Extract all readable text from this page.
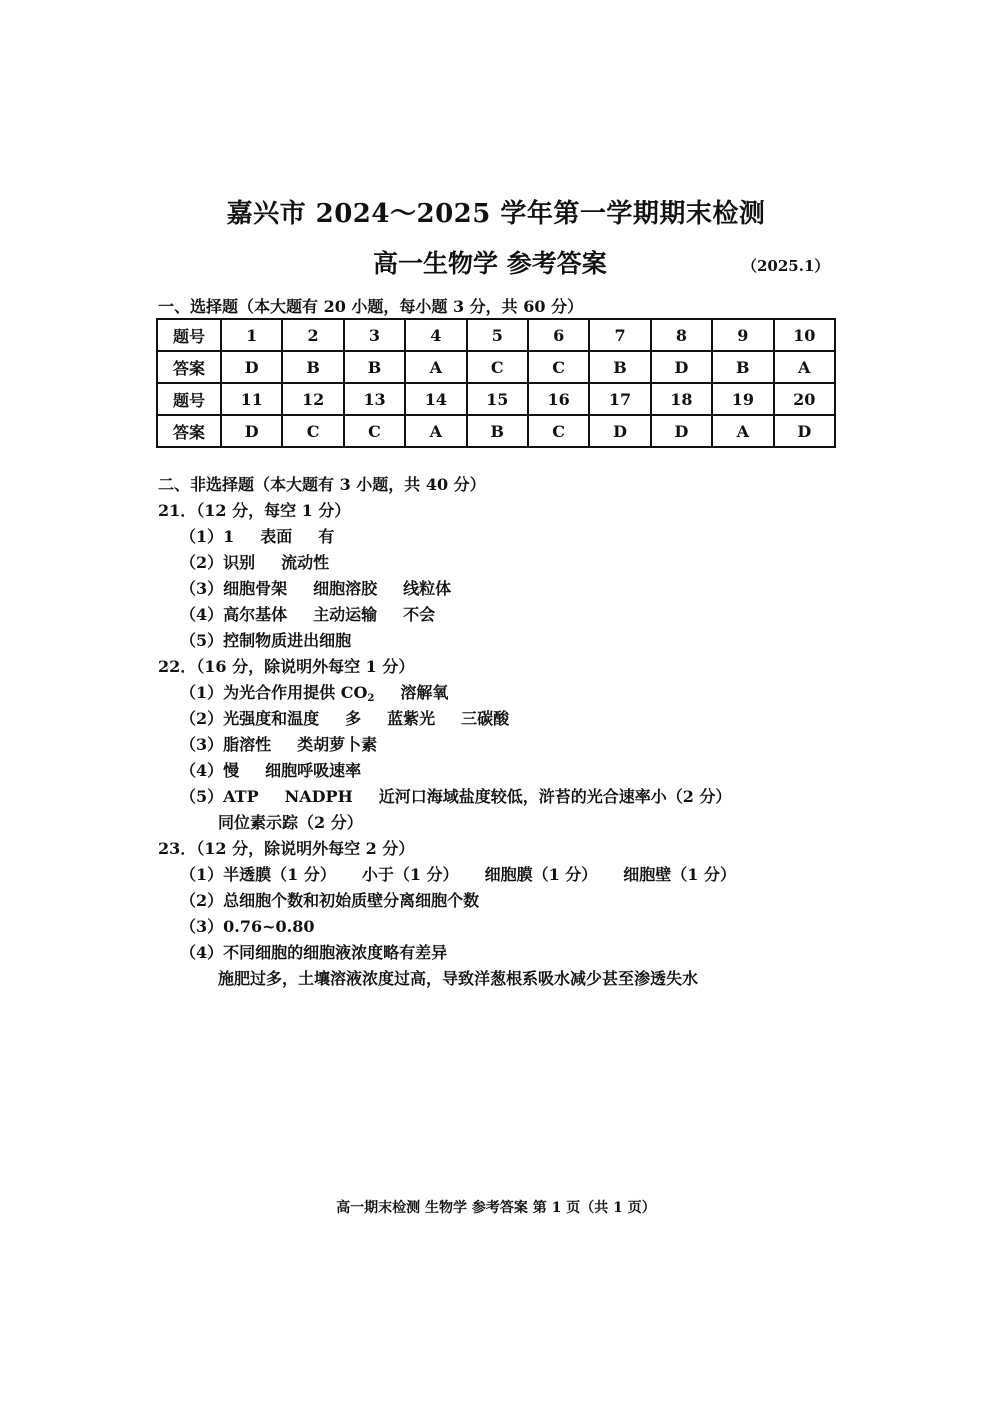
嘉兴市 2024～2025 学年第一学期期末检测
高一生物学 参考答案	（2025.1）
一、选择题（本大题有 20 小题，每小题 3 分，共 60 分）
题号	1	2	3	4	5	6	7	8	9	10
答案	D	B	B	A	C	C	B	D	B	A
题号	11	12	13	14	15	16	17	18	19	20
答案	D	C	C	A	B	C	D	D	A	D
二、非选择题（本大题有 3 小题，共 40 分）
21．（12 分，每空 1 分）
（1）1 表面 有
（2）识别 流动性
（3）细胞骨架 细胞溶胶 线粒体
（4）高尔基体 主动运输 不会
（5）控制物质进出细胞
22．（16 分，除说明外每空 1 分）
（1）为光合作用提供 $CO_2$ 溶解氧
（2）光强度和温度 多 蓝紫光 三碳酸
（3）脂溶性 类胡萝卜素
（4）慢 细胞呼吸速率
（5）ATP NADPH 近河口海域盐度较低，浒苔的光合速率小（2 分）
同位素示踪（2 分）
23．（12 分，除说明外每空 2 分）
（1）半透膜（1 分） 小于（1 分） 细胞膜（1 分） 细胞壁（1 分）
（2）总细胞个数和初始质壁分离细胞个数
（3）0.76~0.80
（4）不同细胞的细胞液浓度略有差异
施肥过多，土壤溶液浓度过高，导致洋葱根系吸水减少甚至渗透失水
高一期末检测 生物学 参考答案 第 1 页（共 1 页）
